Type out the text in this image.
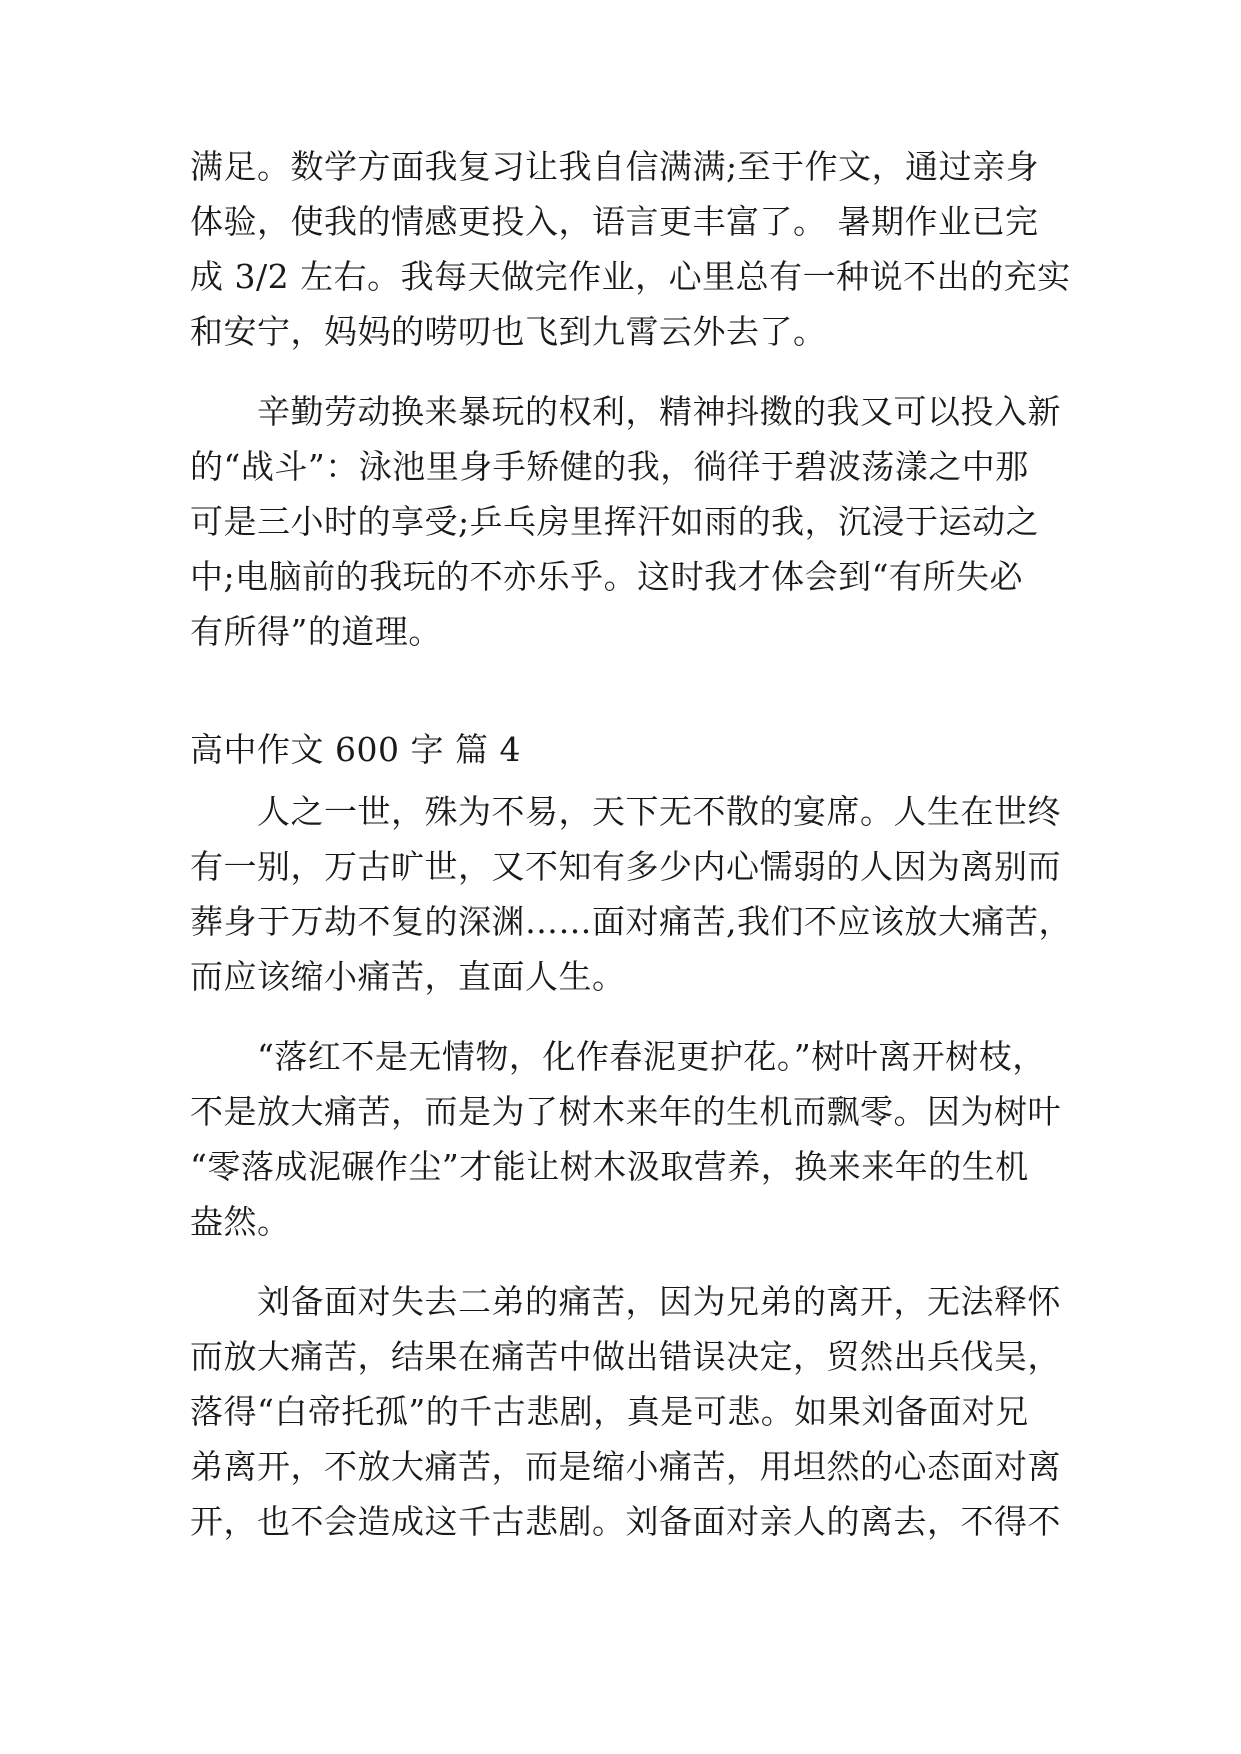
满足。数学方面我复习让我自信满满;至于作文，通过亲身
体验，使我的情感更投入，语言更丰富了。 暑期作业已完
成 3/2 左右。我每天做完作业，心里总有一种说不出的充实
和安宁，妈妈的唠叨也飞到九霄云外去了。
　　辛勤劳动换来暴玩的权利，精神抖擞的我又可以投入新
的“战斗”：泳池里身手矫健的我，徜徉于碧波荡漾之中那
可是三小时的享受;乒乓房里挥汗如雨的我，沉浸于运动之
中;电脑前的我玩的不亦乐乎。这时我才体会到“有所失必
有所得”的道理。
高中作文 600 字 篇 4
　　人之一世，殊为不易，天下无不散的宴席。人生在世终
有一别，万古旷世，又不知有多少内心懦弱的人因为离别而
葬身于万劫不复的深渊……面对痛苦,我们不应该放大痛苦，
而应该缩小痛苦，直面人生。
　　“落红不是无情物，化作春泥更护花。”树叶离开树枝，
不是放大痛苦，而是为了树木来年的生机而飘零。因为树叶
“零落成泥碾作尘”才能让树木汲取营养，换来来年的生机
盎然。
　　刘备面对失去二弟的痛苦，因为兄弟的离开，无法释怀
而放大痛苦，结果在痛苦中做出错误决定，贸然出兵伐吴，
落得“白帝托孤”的千古悲剧，真是可悲。如果刘备面对兄
弟离开，不放大痛苦，而是缩小痛苦，用坦然的心态面对离
开，也不会造成这千古悲剧。刘备面对亲人的离去，不得不
